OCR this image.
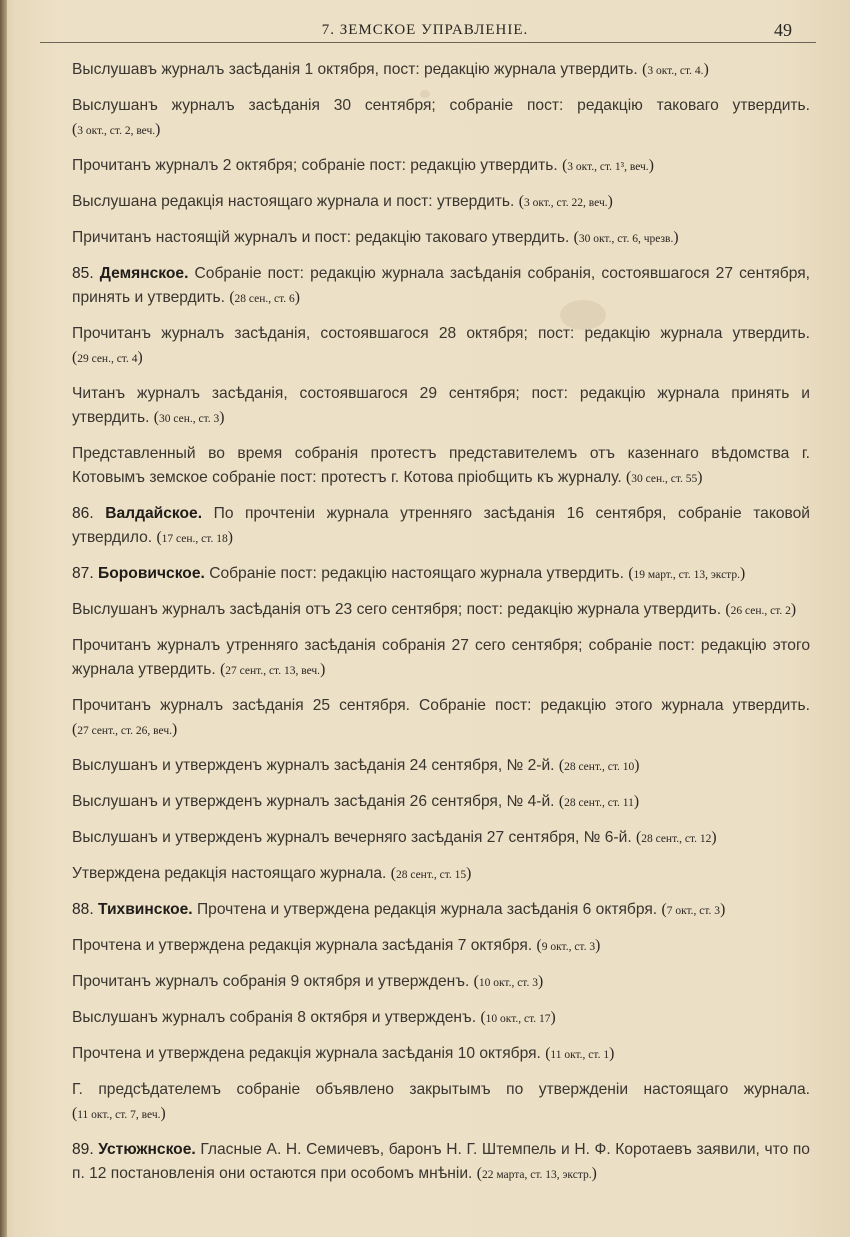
7. ЗЕМСКОЕ УПРАВЛЕНІЕ.	49

Выслушавъ журналъ засѣданія 1 октября, пост: редакцію журнала утвердить. ( 3 окт., ст. 4. )

Выслушанъ журналъ засѣданія 30 сентября; собраніе пост: редакцію таковаго утвердить. ( 3 окт., ст. 2, веч. )

Прочитанъ журналъ 2 октября; собраніе пост: редакцію утвердить. ( 3 окт., ст. 1³, веч. )

Выслушана редакція настоящаго журнала и пост: утвердить. ( 3 окт., ст. 22, веч. )

Причитанъ настоящій журналъ и пост: редакцію таковаго утвердить. ( 30 окт., ст. 6, чрезв. )

85. Демянское. Собраніе пост: редакцію журнала засѣданія собранія, состоявшагося 27 сентября, принять и утвердить. ( 28 сен., ст. 6 )

Прочитанъ журналъ засѣданія, состоявшагося 28 октября; пост: редакцію журнала утвердить. ( 29 сен., ст. 4 )

Читанъ журналъ засѣданія, состоявшагося 29 сентября; пост: редакцію журнала принять и утвердить. ( 30 сен., ст. 3 )

Представленный во время собранія протестъ представителемъ отъ казеннаго вѣдомства г. Котовымъ земское собраніе пост: протестъ г. Котова пріобщить къ журналу. ( 30 сен., ст. 55 )

86. Валдайское. По прочтеніи журнала утренняго засѣданія 16 сентября, собраніе таковой утвердило. ( 17 сен., ст. 18 )

87. Боровичское. Собраніе пост: редакцію настоящаго журнала утвердить. ( 19 март., ст. 13, экстр. )

Выслушанъ журналъ засѣданія отъ 23 сего сентября; пост: редакцію журнала утвердить. ( 26 сен., ст. 2 )

Прочитанъ журналъ утренняго засѣданія собранія 27 сего сентября; собраніе пост: редакцію этого журнала утвердить. ( 27 сент., ст. 13, веч. )

Прочитанъ журналъ засѣданія 25 сентября. Собраніе пост: редакцію этого журнала утвердить. ( 27 сент., ст. 26, веч. )

Выслушанъ и утвержденъ журналъ засѣданія 24 сентября, № 2-й. ( 28 сент., ст. 10 )

Выслушанъ и утвержденъ журналъ засѣданія 26 сентября, № 4-й. ( 28 сент., ст. 11 )

Выслушанъ и утвержденъ журналъ вечерняго засѣданія 27 сентября, № 6-й. ( 28 сент., ст. 12 )

Утверждена редакція настоящаго журнала. ( 28 сент., ст. 15 )

88. Тихвинское. Прочтена и утверждена редакція журнала засѣданія 6 октября. ( 7 окт., ст. 3 )

Прочтена и утверждена редакція журнала засѣданія 7 октября. ( 9 окт., ст. 3 )

Прочитанъ журналъ собранія 9 октября и утвержденъ. ( 10 окт., ст. 3 )

Выслушанъ журналъ собранія 8 октября и утвержденъ. ( 10 окт., ст. 17 )

Прочтена и утверждена редакція журнала засѣданія 10 октября. ( 11 окт., ст. 1 )

Г. предсѣдателемъ собраніе объявлено закрытымъ по утвержденіи настоящаго журнала. ( 11 окт., ст. 7, веч. )

89. Устюжнское. Гласные А. Н. Семичевъ, баронъ Н. Г. Штемпель и Н. Ф. Коротаевъ заявили, что по п. 12 постановленія они остаются при особомъ мнѣніи. ( 22 марта, ст. 13, экстр. )
